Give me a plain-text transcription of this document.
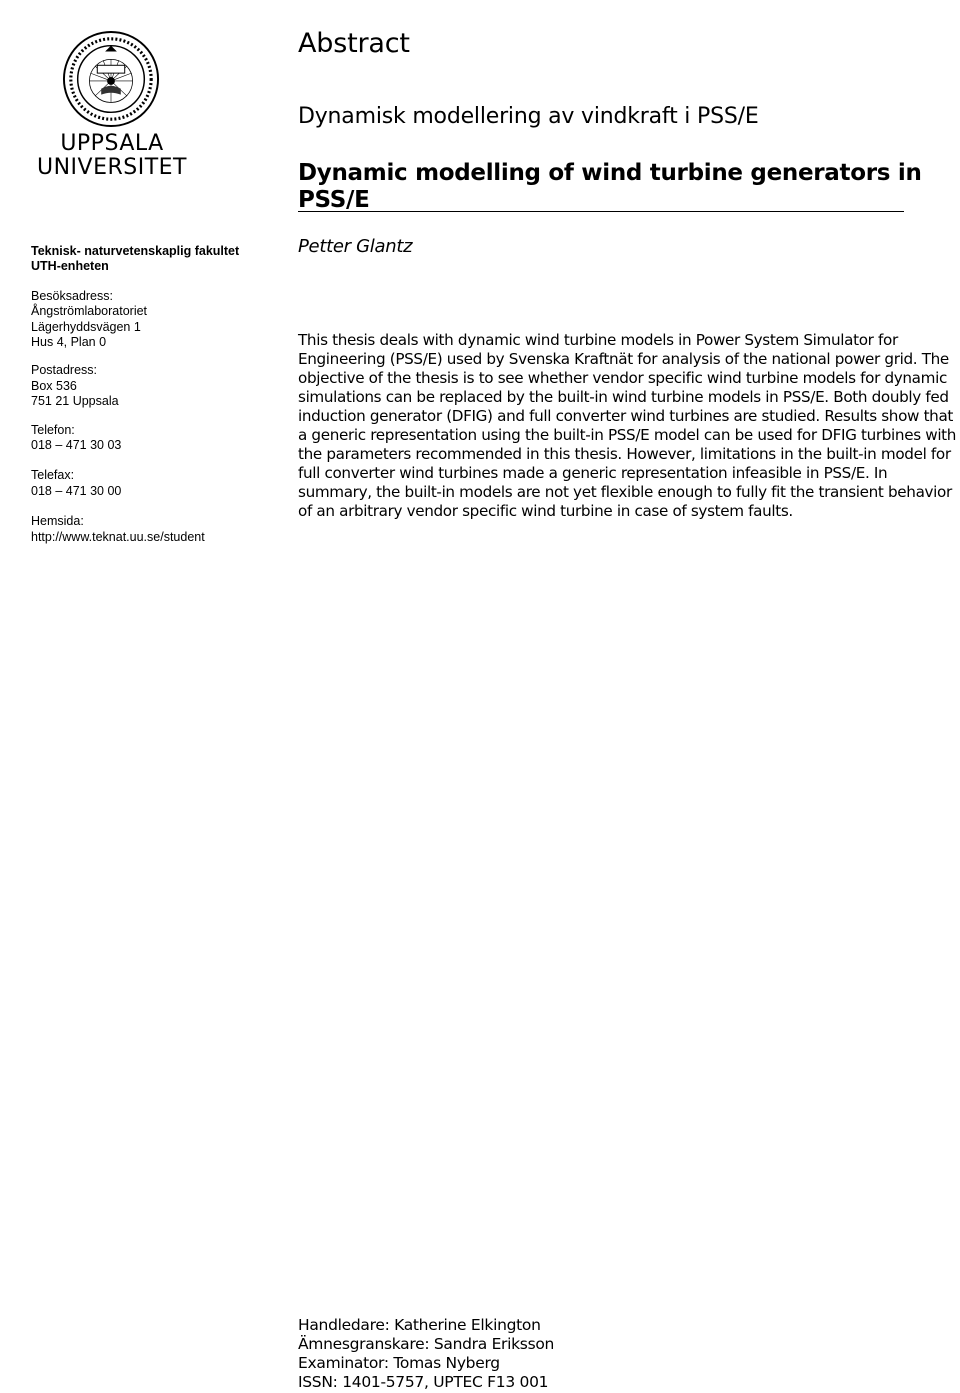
UPPSALA
UNIVERSITET
Teknisk- naturvetenskaplig fakultet
UTH-enheten
Besöksadress:
Ångströmlaboratoriet
Lägerhyddsvägen 1
Hus 4, Plan 0
Postadress:
Box 536
751 21 Uppsala
Telefon:
018 – 471 30 03
Telefax:
018 – 471 30 00
Hemsida:
http://www.teknat.uu.se/student
Abstract
Dynamisk modellering av vindkraft i PSS/E
Dynamic modelling of wind turbine generators in PSS/E
Petter Glantz

This thesis deals with dynamic wind turbine models in Power System Simulator for Engineering (PSS/E) used by Svenska Kraftnät for analysis of the national power grid. The objective of the thesis is to see whether vendor specific wind turbine models for dynamic simulations can be replaced by the built-in wind turbine models in PSS/E. Both doubly fed induction generator (DFIG) and full converter wind turbines are studied. Results show that a generic representation using the built-in PSS/E model can be used for DFIG turbines with the parameters recommended in this thesis. However, limitations in the built-in model for full converter wind turbines made a generic representation infeasible in PSS/E. In summary, the built-in models are not yet flexible enough to fully fit the transient behavior of an arbitrary vendor specific wind turbine in case of system faults.

Handledare: Katherine Elkington
Ämnesgranskare: Sandra Eriksson
Examinator: Tomas Nyberg
ISSN: 1401-5757, UPTEC F13 001
